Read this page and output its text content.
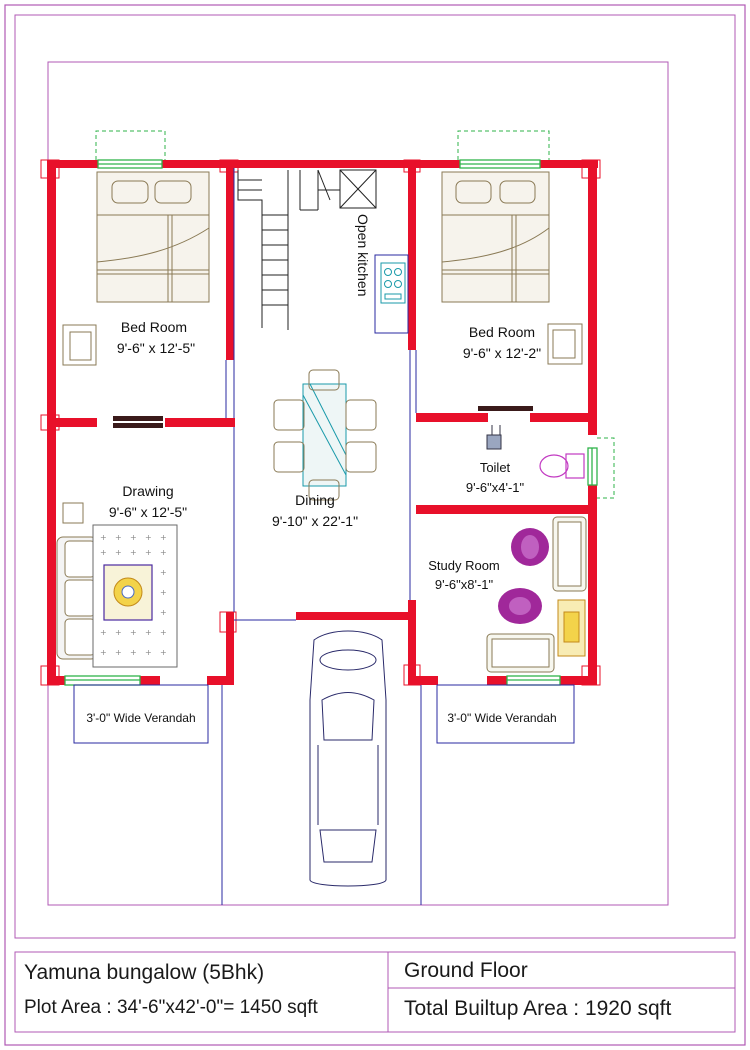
+ + + + +
+ + + + +
+
+
+
+ + + + +
+ + + + +
Bed Room
9'-6" x 12'-5"
Bed Room
9'-6" x 12'-2"
Open kitchen
Drawing
9'-6" x 12'-5"
Dining
9'-10" x 22'-1"
Toilet
9'-6"x4'-1"
Study Room
9'-6"x8'-1"
3'-0" Wide Verandah	3'-0" Wide Verandah
Yamuna bungalow (5Bhk)
Plot Area : 34'-6"x42'-0"= 1450 sqft
Ground Floor
Total Builtup Area : 1920 sqft
